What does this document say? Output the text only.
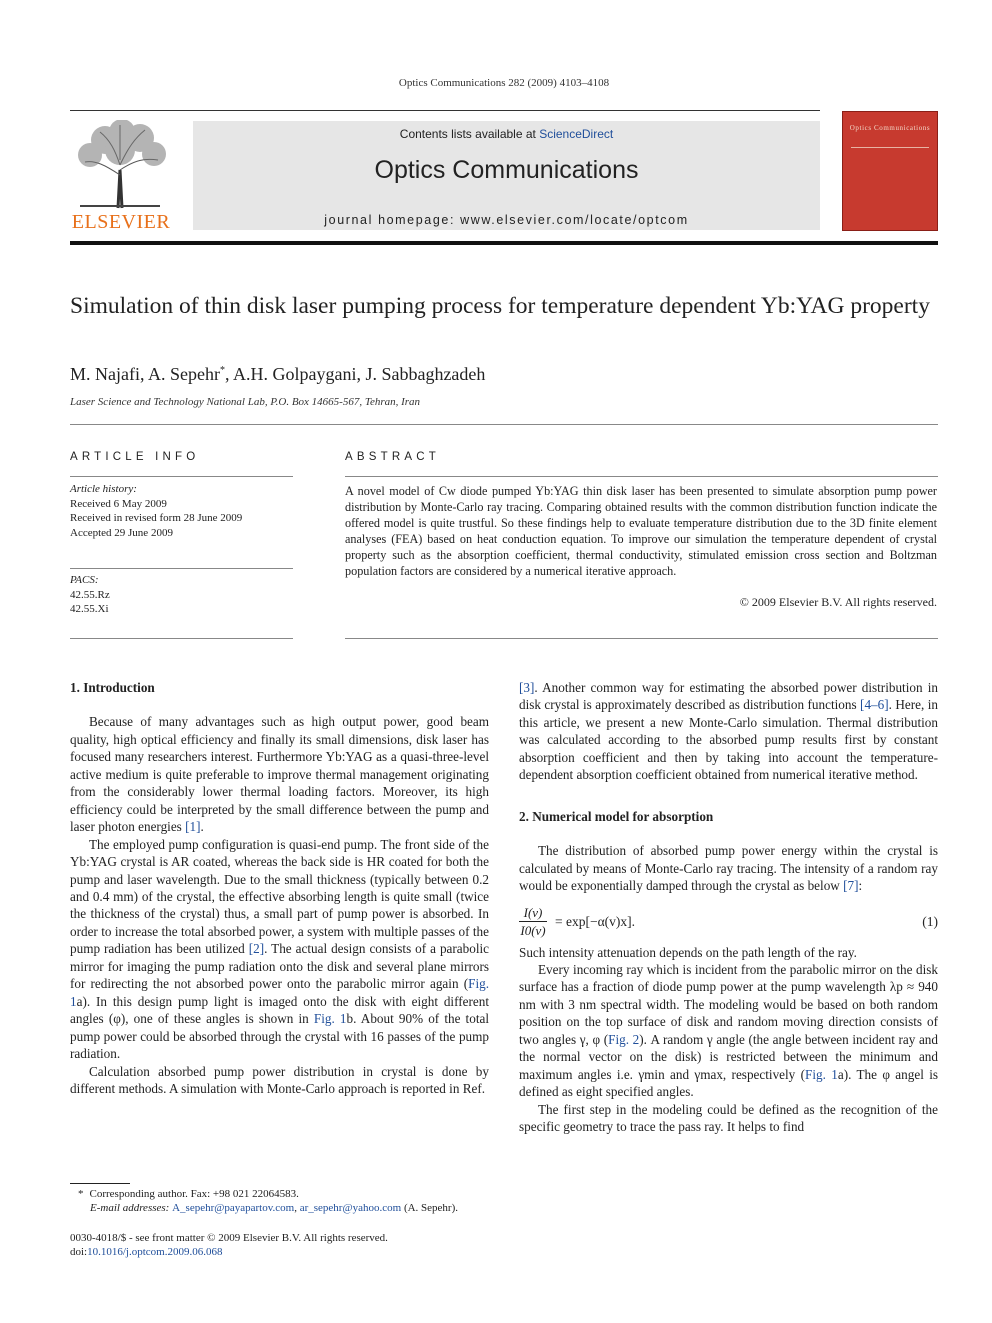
Optics Communications 282 (2009) 4103–4108
ELSEVIER
Contents lists available at ScienceDirect
Optics Communications
journal homepage: www.elsevier.com/locate/optcom
Optics Communications
Simulation of thin disk laser pumping process for temperature dependent Yb:YAG property
M. Najafi, A. Sepehr*, A.H. Golpaygani, J. Sabbaghzadeh
Laser Science and Technology National Lab, P.O. Box 14665-567, Tehran, Iran
ARTICLE INFO
Article history:
Received 6 May 2009
Received in revised form 28 June 2009
Accepted 29 June 2009
PACS:
42.55.Rz
42.55.Xi
ABSTRACT
A novel model of Cw diode pumped Yb:YAG thin disk laser has been presented to simulate absorption pump power distribution by Monte-Carlo ray tracing. Comparing obtained results with the common distribution function indicate the offered model is quite trustful. So these findings help to evaluate temperature distribution due to the 3D finite element analyses (FEA) based on heat conduction equation. To improve our simulation the temperature dependent of crystal property such as the absorption coefficient, thermal conductivity, stimulated emission cross section and Boltzman population factors are considered by a numerical iterative approach.
© 2009 Elsevier B.V. All rights reserved.
1. Introduction

Because of many advantages such as high output power, good beam quality, high optical efficiency and finally its small dimensions, disk laser has focused many researchers interest. Furthermore Yb:YAG as a quasi-three-level active medium is quite preferable to improve thermal management originating from the considerably lower thermal loading factors. Moreover, its high efficiency could be interpreted by the small difference between the pump and laser photon energies [1].

The employed pump configuration is quasi-end pump. The front side of the Yb:YAG crystal is AR coated, whereas the back side is HR coated for both the pump and laser wavelength. Due to the small thickness (typically between 0.2 and 0.4 mm) of the crystal, the effective absorbing length is quite small (twice the thickness of the crystal) thus, a small part of pump power is absorbed. In order to increase the total absorbed power, a system with multiple passes of the pump radiation has been utilized [2]. The actual design consists of a parabolic mirror for imaging the pump radiation onto the disk and several plane mirrors for redirecting the not absorbed power onto the parabolic mirror again (Fig. 1a). In this design pump light is imaged onto the disk with eight different angles (φ), one of these angles is shown in Fig. 1b. About 90% of the total pump power could be absorbed through the crystal with 16 passes of the pump radiation.

Calculation absorbed pump power distribution in crystal is done by different methods. A simulation with Monte-Carlo approach is reported in Ref.

[3]. Another common way for estimating the absorbed power distribution in disk crystal is approximately described as distribution functions [4–6]. Here, in this article, we present a new Monte-Carlo simulation. Thermal distribution was calculated according to the absorbed pump results first by constant absorption coefficient and then by taking into account the temperature-dependent absorption coefficient obtained from numerical iterative method.

2. Numerical model for absorption

The distribution of absorbed pump power energy within the crystal is calculated by means of Monte-Carlo ray tracing. The intensity of a random ray would be exponentially damped through the crystal as below [7]:

$\frac{I(v)}{I0(v)} = \exp[-\alpha(v)x]$.	(1)

Such intensity attenuation depends on the path length of the ray.

Every incoming ray which is incident from the parabolic mirror on the disk surface has a fraction of diode pump power at the pump wavelength λp ≈ 940 nm with 3 nm spectral width. The modeling would be based on both random position on the top surface of disk and random moving direction consists of two angles γ, φ (Fig. 2). A random γ angle (the angle between incident ray and the normal vector on the disk) is restricted between the minimum and maximum angles i.e. γmin and γmax, respectively (Fig. 1a). The φ angel is defined as eight specified angles.

The first step in the modeling could be defined as the recognition of the specific geometry to trace the pass ray. It helps to find

* Corresponding author. Fax: +98 021 22064583.
E-mail addresses: A_sepehr@payapartov.com, ar_sepehr@yahoo.com (A. Sepehr).
0030-4018/$ - see front matter © 2009 Elsevier B.V. All rights reserved.
doi:10.1016/j.optcom.2009.06.068
